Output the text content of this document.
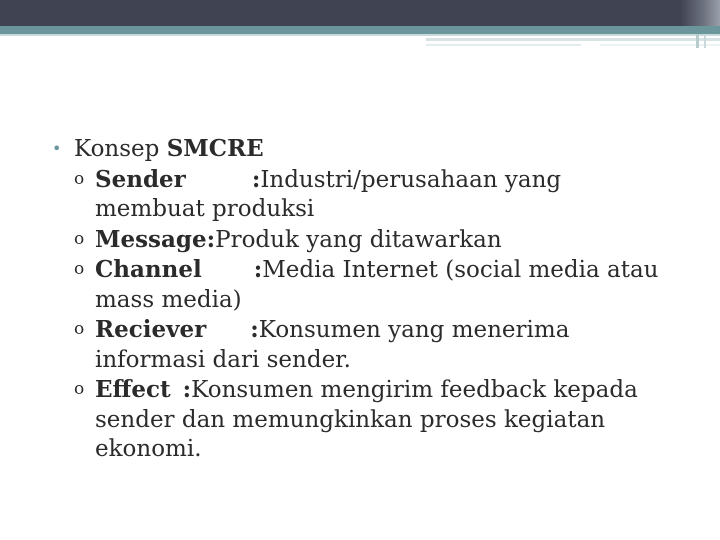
• Konsep SMCRE
o Sender	:Industri/perusahaan yang
membuat produksi
o Message:Produk yang ditawarkan
o Channel :Media Internet (social media atau
mass media)
o Reciever :Konsumen yang menerima
informasi dari sender.
o Effect :Konsumen mengirim feedback kepada
sender dan memungkinkan proses kegiatan
ekonomi.
